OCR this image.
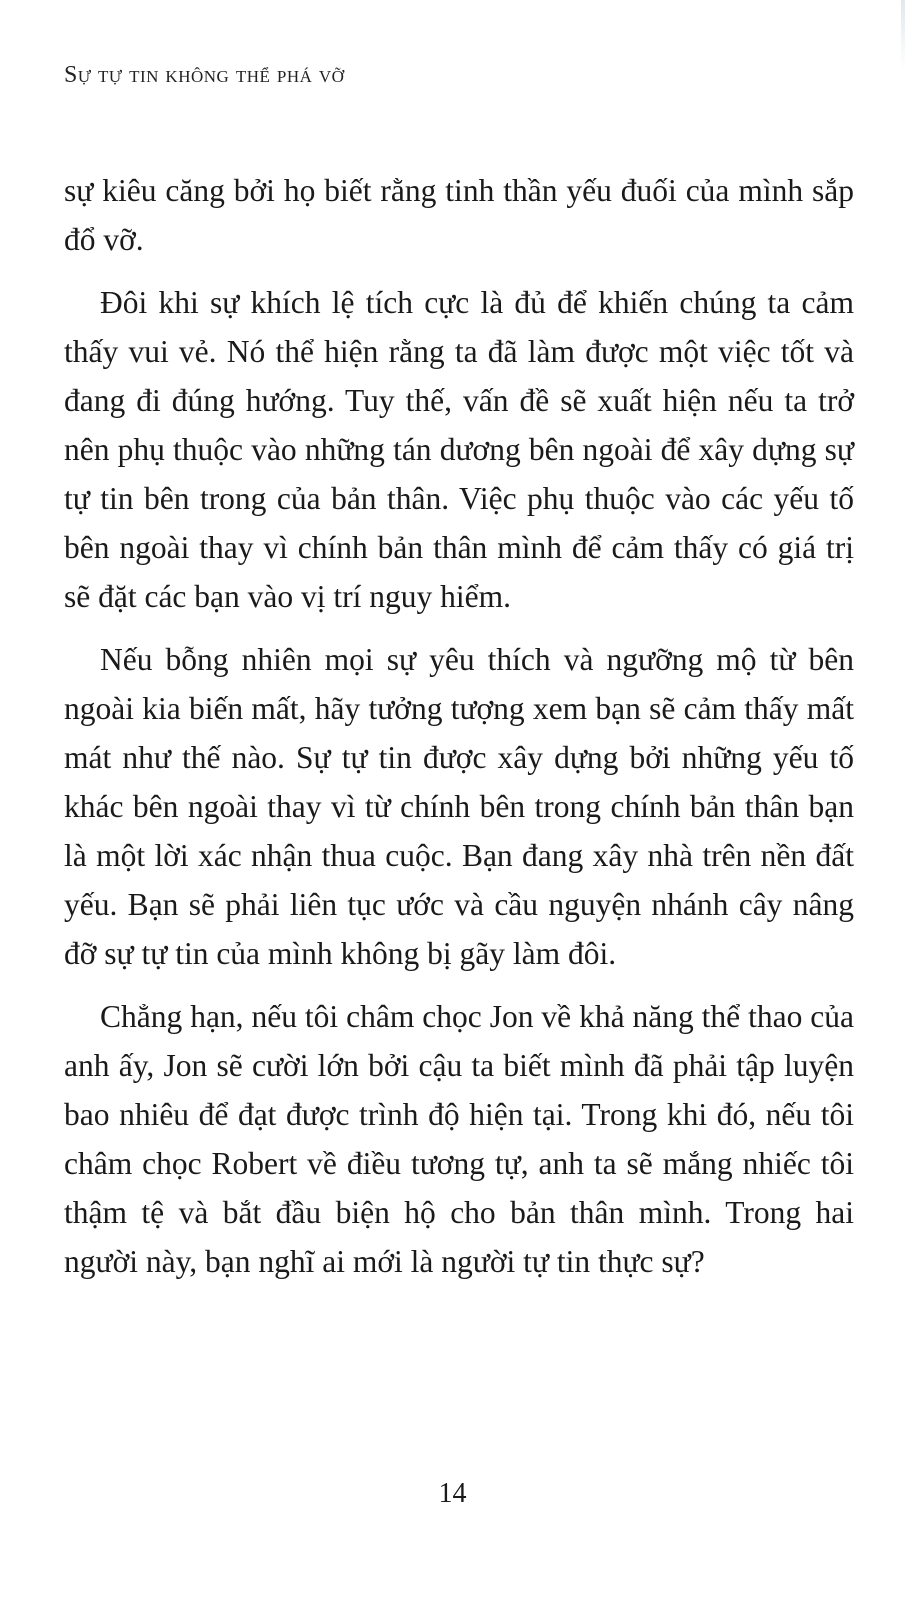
Sự tự tin không thể phá vỡ

sự kiêu căng bởi họ biết rằng tinh thần yếu đuối của mình sắp đổ vỡ.

Đôi khi sự khích lệ tích cực là đủ để khiến chúng ta cảm thấy vui vẻ. Nó thể hiện rằng ta đã làm được một việc tốt và đang đi đúng hướng. Tuy thế, vấn đề sẽ xuất hiện nếu ta trở nên phụ thuộc vào những tán dương bên ngoài để xây dựng sự tự tin bên trong của bản thân. Việc phụ thuộc vào các yếu tố bên ngoài thay vì chính bản thân mình để cảm thấy có giá trị sẽ đặt các bạn vào vị trí nguy hiểm.

Nếu bỗng nhiên mọi sự yêu thích và ngưỡng mộ từ bên ngoài kia biến mất, hãy tưởng tượng xem bạn sẽ cảm thấy mất mát như thế nào. Sự tự tin được xây dựng bởi những yếu tố khác bên ngoài thay vì từ chính bên trong chính bản thân bạn là một lời xác nhận thua cuộc. Bạn đang xây nhà trên nền đất yếu. Bạn sẽ phải liên tục ước và cầu nguyện nhánh cây nâng đỡ sự tự tin của mình không bị gãy làm đôi.

Chẳng hạn, nếu tôi châm chọc Jon về khả năng thể thao của anh ấy, Jon sẽ cười lớn bởi cậu ta biết mình đã phải tập luyện bao nhiêu để đạt được trình độ hiện tại. Trong khi đó, nếu tôi châm chọc Robert về điều tương tự, anh ta sẽ mắng nhiếc tôi thậm tệ và bắt đầu biện hộ cho bản thân mình. Trong hai người này, bạn nghĩ ai mới là người tự tin thực sự?

14
